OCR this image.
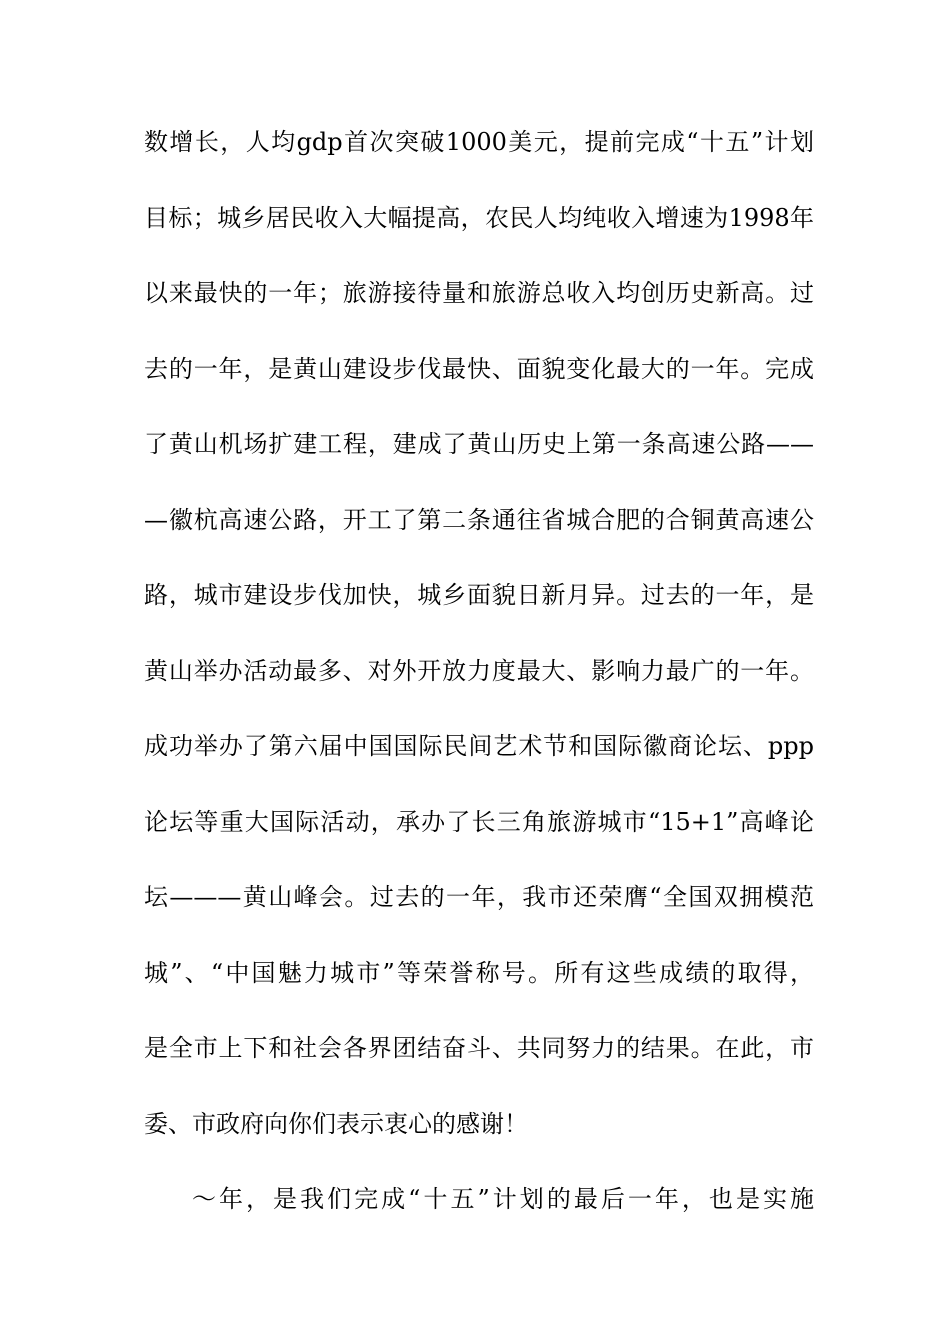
数增长，人均gdp首次突破1000美元，提前完成“十五”计划
目标；城乡居民收入大幅提高，农民人均纯收入增速为1998年
以来最快的一年；旅游接待量和旅游总收入均创历史新高。过
去的一年，是黄山建设步伐最快、面貌变化最大的一年。完成
了黄山机场扩建工程，建成了黄山历史上第一条高速公路——
—徽杭高速公路，开工了第二条通往省城合肥的合铜黄高速公
路，城市建设步伐加快，城乡面貌日新月异。过去的一年，是
黄山举办活动最多、对外开放力度最大、影响力最广的一年。
成功举办了第六届中国国际民间艺术节和国际徽商论坛、ppp
论坛等重大国际活动，承办了长三角旅游城市“15+1”高峰论
坛———黄山峰会。过去的一年，我市还荣膺“全国双拥模范
城”、“中国魅力城市”等荣誉称号。所有这些成绩的取得，
是全市上下和社会各界团结奋斗、共同努力的结果。在此，市
委、市政府向你们表示衷心的感谢！
～年，是我们完成“十五”计划的最后一年，也是实施
